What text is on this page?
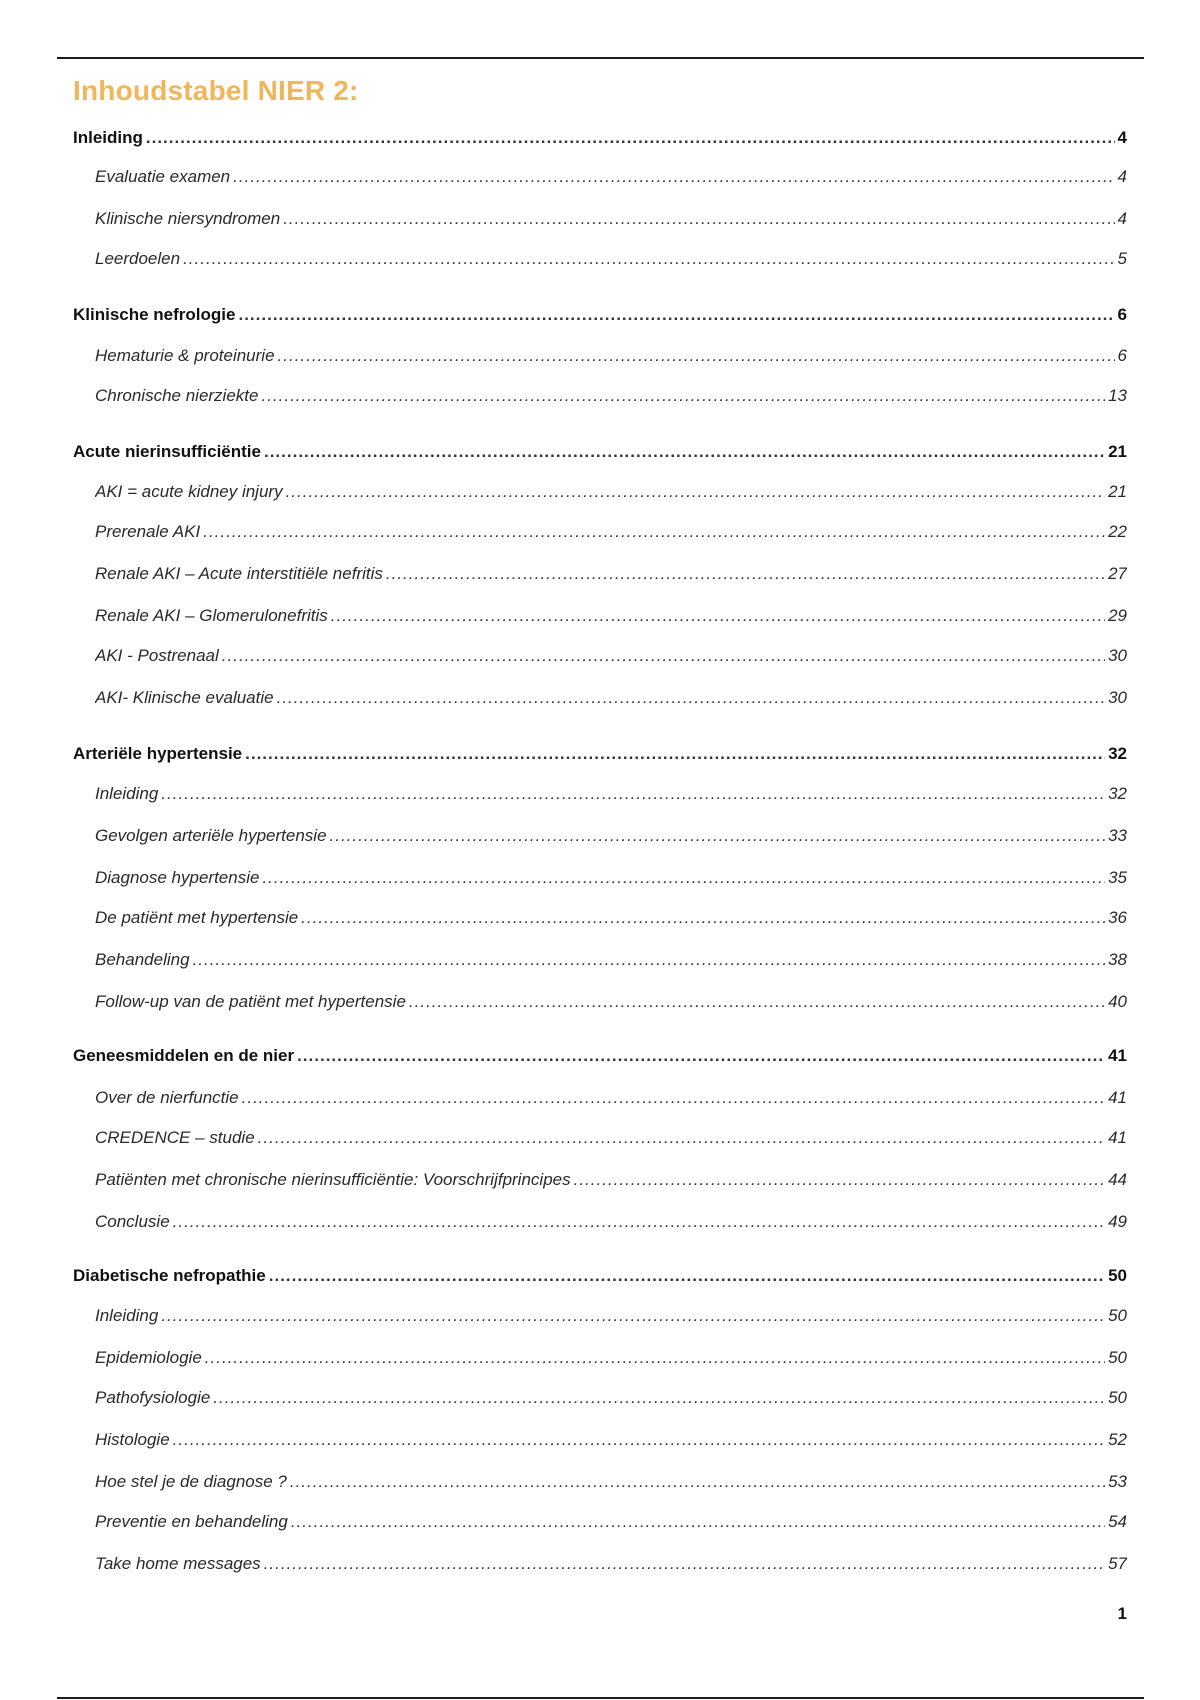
Inhoudstabel NIER 2:
Inleiding .....	4
Evaluatie examen .....	4
Klinische niersyndromen .....	4
Leerdoelen .....	5
Klinische nefrologie .....	6
Hematurie & proteinurie .....	6
Chronische nierziekte .....	13
Acute nierinsufficiëntie .....	21
AKI = acute kidney injury .....	21
Prerenale AKI .....	22
Renale AKI – Acute interstitiële nefritis .....	27
Renale AKI – Glomerulonefritis .....	29
AKI - Postrenaal .....	30
AKI- Klinische evaluatie .....	30
Arteriële hypertensie .....	32
Inleiding .....	32
Gevolgen arteriële hypertensie .....	33
Diagnose hypertensie .....	35
De patiënt met hypertensie .....	36
Behandeling .....	38
Follow-up van de patiënt met hypertensie .....	40
Geneesmiddelen en de nier .....	41
Over de nierfunctie .....	41
CREDENCE – studie .....	41
Patiënten met chronische nierinsufficiëntie: Voorschrijfprincipes .....	44
Conclusie .....	49
Diabetische nefropathie .....	50
Inleiding .....	50
Epidemiologie .....	50
Pathofysiologie .....	50
Histologie .....	52
Hoe stel je de diagnose ? .....	53
Preventie en behandeling .....	54
Take home messages .....	57
1
